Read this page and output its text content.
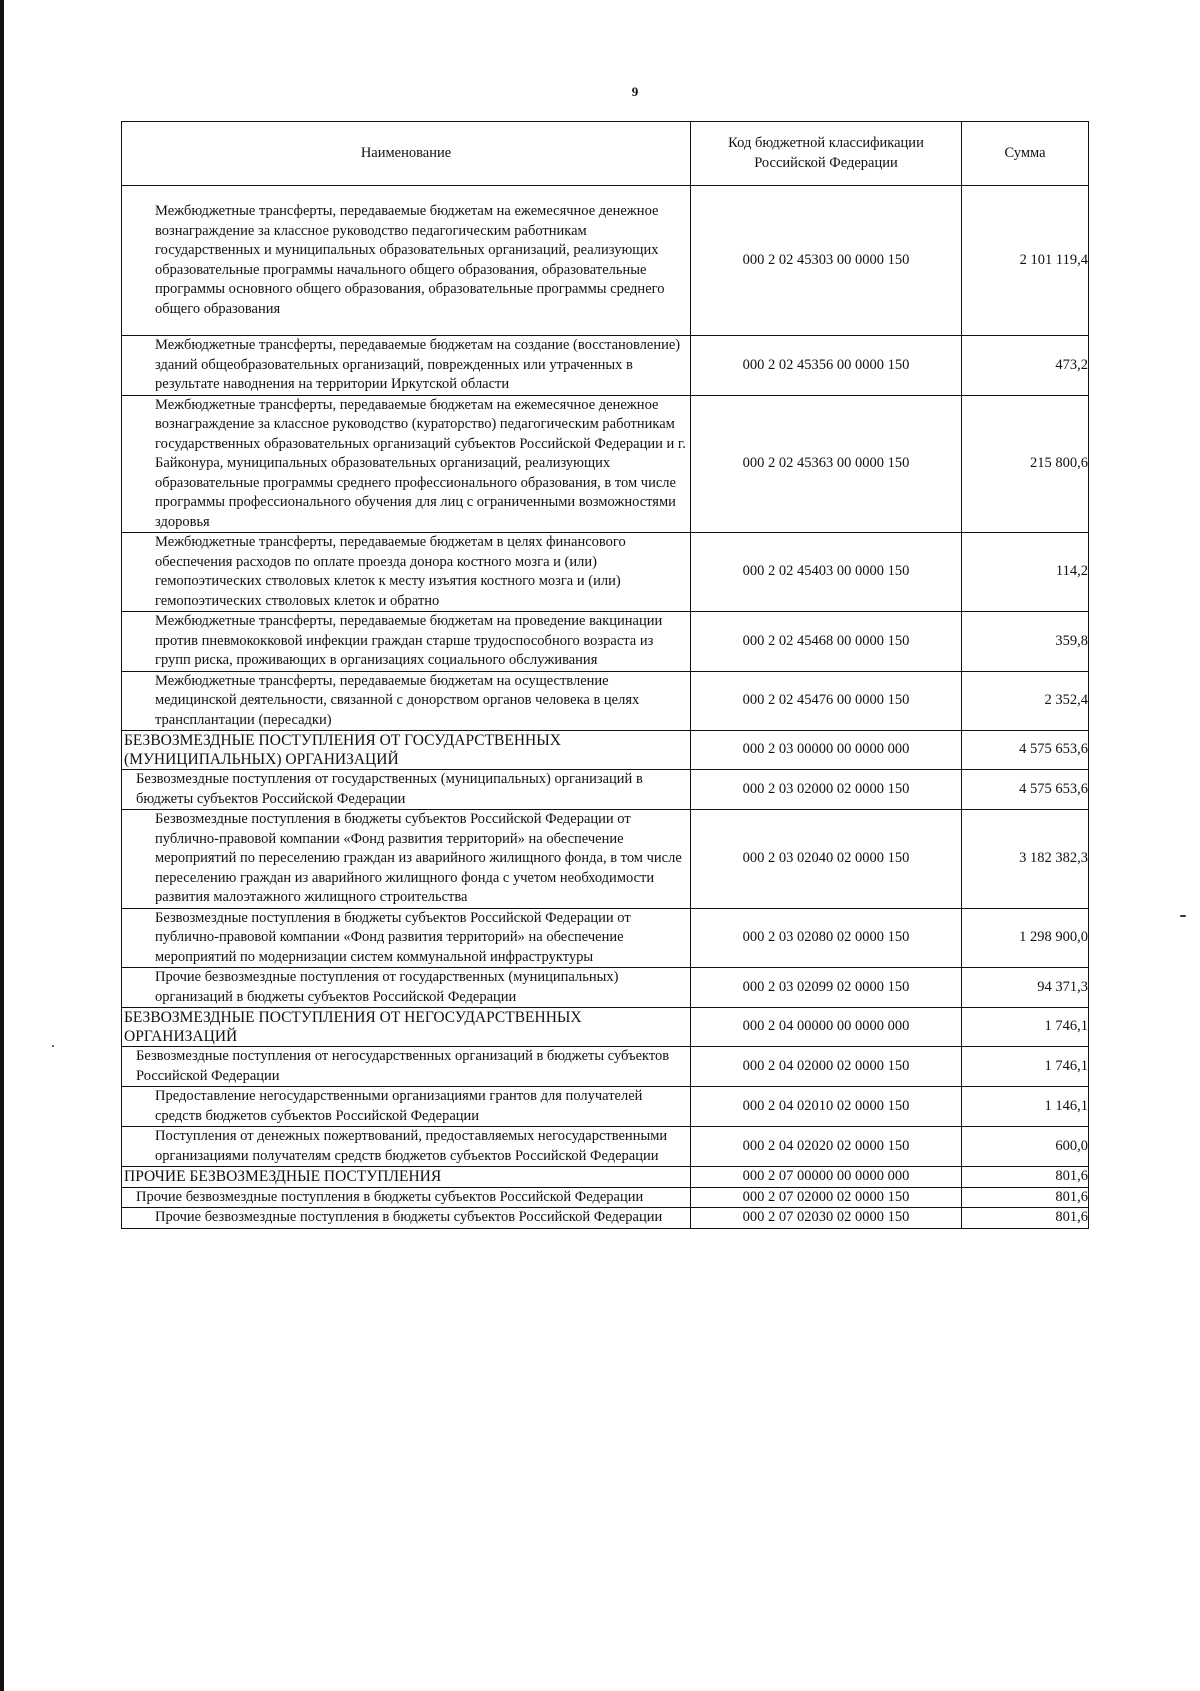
9
Наименование	Код бюджетной классификации Российской Федерации	Сумма
Межбюджетные трансферты, передаваемые бюджетам на ежемесячное денежное вознаграждение за классное руководство педагогическим работникам государственных и муниципальных образовательных организаций, реализующих образовательные программы начального общего образования, образовательные программы основного общего образования, образовательные программы среднего общего образования	000 2 02 45303 00 0000 150	2 101 119,4
Межбюджетные трансферты, передаваемые бюджетам на создание (восстановление) зданий общеобразовательных организаций, поврежденных или утраченных в результате наводнения на территории Иркутской области	000 2 02 45356 00 0000 150	473,2
Межбюджетные трансферты, передаваемые бюджетам на ежемесячное денежное вознаграждение за классное руководство (кураторство) педагогическим работникам государственных образовательных организаций субъектов Российской Федерации и г. Байконура, муниципальных образовательных организаций, реализующих образовательные программы среднего профессионального образования, в том числе программы профессионального обучения для лиц с ограниченными возможностями здоровья	000 2 02 45363 00 0000 150	215 800,6
Межбюджетные трансферты, передаваемые бюджетам в целях финансового обеспечения расходов по оплате проезда донора костного мозга и (или) гемопоэтических стволовых клеток к месту изъятия костного мозга и (или) гемопоэтических стволовых клеток и обратно	000 2 02 45403 00 0000 150	114,2
Межбюджетные трансферты, передаваемые бюджетам на проведение вакцинации против пневмококковой инфекции граждан старше трудоспособного возраста из групп риска, проживающих в организациях социального обслуживания	000 2 02 45468 00 0000 150	359,8
Межбюджетные трансферты, передаваемые бюджетам на осуществление медицинской деятельности, связанной с донорством органов человека в целях трансплантации (пересадки)	000 2 02 45476 00 0000 150	2 352,4
БЕЗВОЗМЕЗДНЫЕ ПОСТУПЛЕНИЯ ОТ ГОСУДАРСТВЕННЫХ (МУНИЦИПАЛЬНЫХ) ОРГАНИЗАЦИЙ	000 2 03 00000 00 0000 000	4 575 653,6
Безвозмездные поступления от государственных (муниципальных) организаций в бюджеты субъектов Российской Федерации	000 2 03 02000 02 0000 150	4 575 653,6
Безвозмездные поступления в бюджеты субъектов Российской Федерации от публично-правовой компании «Фонд развития территорий» на обеспечение мероприятий по переселению граждан из аварийного жилищного фонда, в том числе переселению граждан из аварийного жилищного фонда с учетом необходимости развития малоэтажного жилищного строительства	000 2 03 02040 02 0000 150	3 182 382,3
Безвозмездные поступления в бюджеты субъектов Российской Федерации от публично-правовой компании «Фонд развития территорий» на обеспечение мероприятий по модернизации систем коммунальной инфраструктуры	000 2 03 02080 02 0000 150	1 298 900,0
Прочие безвозмездные поступления от государственных (муниципальных) организаций в бюджеты субъектов Российской Федерации	000 2 03 02099 02 0000 150	94 371,3
БЕЗВОЗМЕЗДНЫЕ ПОСТУПЛЕНИЯ ОТ НЕГОСУДАРСТВЕННЫХ ОРГАНИЗАЦИЙ	000 2 04 00000 00 0000 000	1 746,1
Безвозмездные поступления от негосударственных организаций в бюджеты субъектов Российской Федерации	000 2 04 02000 02 0000 150	1 746,1
Предоставление негосударственными организациями грантов для получателей средств бюджетов субъектов Российской Федерации	000 2 04 02010 02 0000 150	1 146,1
Поступления от денежных пожертвований, предоставляемых негосударственными организациями получателям средств бюджетов субъектов Российской Федерации	000 2 04 02020 02 0000 150	600,0
ПРОЧИЕ БЕЗВОЗМЕЗДНЫЕ ПОСТУПЛЕНИЯ	000 2 07 00000 00 0000 000	801,6
Прочие безвозмездные поступления в бюджеты субъектов Российской Федерации	000 2 07 02000 02 0000 150	801,6
Прочие безвозмездные поступления в бюджеты субъектов Российской Федерации	000 2 07 02030 02 0000 150	801,6
